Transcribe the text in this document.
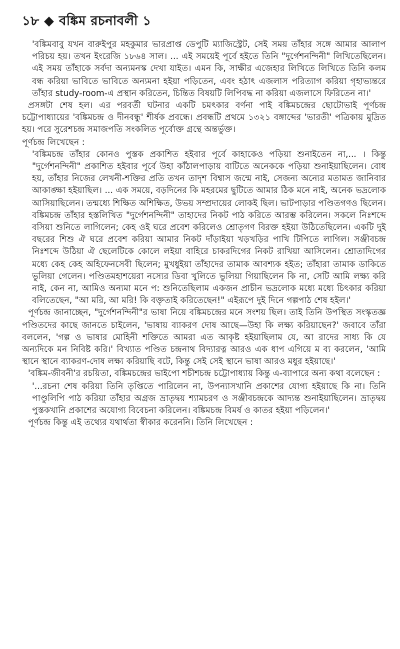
১৮ ◆ বঙ্কিম রচনাবলী ১

'বঙ্কিমবাবু যখন বারুইপুর মহকুমার ভারপ্রাপ্ত ডেপুটি ম্যাজিস্ট্রেট, সেই সময় তাঁহার সঙ্গে আমার আলাপ পরিচয় হয়। তখন ইংরেজি ১৮৬৪ সাল। ... এই সময়েই পূর্বে হইতে তিনি "দুর্গেশনন্দিনী" লিখিতেছিলেন। এই সময় তাঁহাকে সর্বদা অন্যমনস্ক দেখা যাইত। এমন কি, সাক্ষীর এজেহার লিখিতে লিখিতে তিনি কলম বন্ধ করিয়া ভাবিতে ভাবিতে অন্যমনা হইয়া পড়িতেন, এবং হঠাৎ এজলাস পরিত্যাগ করিয়া গৃহাভ্যন্তরে তাঁহার study-room-এ প্রস্থান করিতেন, চিন্তিত বিষয়টি লিপিবদ্ধ না করিয়া এজলাসে ফিরিতেন না।'

প্রসঙ্গটা শেষ হল। এর পরবর্তী ঘটনার একটি চমৎকার বর্ণনা পাই বঙ্কিমচন্দ্রের ছোটোভাই পূর্ণচন্দ্র চট্টোপাধ্যায়ের 'বঙ্কিমচন্দ্র ও দীনবন্ধু' শীর্ষক প্রবন্ধে। প্রবন্ধটি প্রথমে ১৩২১ বঙ্গাব্দের 'ভারতী' পত্রিকায় মুদ্রিত হয়। পরে সুরেশচন্দ্র সমাজপতি সংকলিত পূর্বোক্ত গ্রন্থে অন্তর্ভুক্ত।

পূর্ণচন্দ্র লিখেছেন :

'বঙ্কিমচন্দ্র তাঁহার কোনও পুস্তক প্রকাশিত হইবার পূর্বে কাহাকেও পড়িয়া শুনাইতেন না,... । কিন্তু "দুর্গেশনন্দিনী" প্রকাশিত হইবার পূর্বে উহা কাঁঠালপাড়ায় বাটিতে অনেককে পড়িয়া শুনাইয়াছিলেন। বোধ হয়, তাঁহার নিজের লেখনী-শক্তির প্রতি তখন তাদৃশ বিশ্বাস জন্মে নাই, সেজন্য অন্যের মতামত জানিবার আকাঙ্ক্ষা হইয়াছিল। ... এক সময়ে, বড়দিনের কি মহরমের ছুটিতে আমার ঠিক মনে নাই, অনেক ভদ্রলোক আসিয়াছিলেন। তন্মধ্যে শিক্ষিত অশিক্ষিত, উভয় সম্প্রদায়ের লোকই ছিল। ভাটপাড়ার পণ্ডিতগণও ছিলেন। বঙ্কিমচন্দ্র তাঁহার হস্তলিখিত "দুর্গেশনন্দিনী" তাহাদের নিকট পাঠ করিতে আরম্ভ করিলেন। সকলে নিঃশব্দে বসিয়া শুনিতে লাগিলেন; কেহ ওই ঘরে প্রবেশ করিলেও শ্রোতৃগণ বিরক্ত হইয়া উঠিতেছিলেন। একটি দুই বছরের শিশু ঐ ঘরে প্রবেশ করিয়া আমার নিকট দাঁড়াইয়া খড়খড়ির পাখি টিপিতে লাগিল। সঞ্জীবচন্দ্র নিঃশব্দে উঠিয়া ঐ ছেলেটিকে কোলে লইয়া বাহিরে চাকরদিগের নিকট রাখিয়া আসিলেন। শ্রোতাদিগের মধ্যে কেহ কেহ অহিফেনসেবী ছিলেন; মুখধুইয়া তাঁহাদের তামাক আবশ্যক হইত; তাঁহারা তামাক ডাকিতে ভুলিয়া গেলেন। পণ্ডিতমহাশয়েরা নস্যের ডিবা খুলিতে ভুলিয়া গিয়াছিলেন কি না, সেটি আমি লক্ষ্য করি নাই, কেন না, আমিও অন্যমা মনে প: শুনিতেছিলাম একজন প্রাচীন ভদ্রলোক মধ্যে মধ্যে চিৎকার করিয়া বলিতেছেন, "আ মরি, আ মরি! কি বক্তৃতাই করিতেছেন!" এইরূপে দুই দিনে গল্পপাঠ শেষ হইল।'

পূর্ণচন্দ্র জানাচ্ছেন, "দুর্গেশনন্দিনী"র ভাষা নিয়ে বঙ্কিমচন্দ্রের মনে সংশয় ছিল। তাই তিনি উপস্থিত সংস্কৃতজ্ঞ পণ্ডিতদের কাছে জানতে চাইলেন, 'ভাষায় ব্যাকরণ দোষ আছে—উহা কি লক্ষ্য করিয়াছেন?' জবাবে তাঁরা বললেন, 'গল্প ও ভাষার মোহিনী শক্তিতে আমরা এত আকৃষ্ট হইয়াছিলাম যে, আ রাদের সাধ্য কি যে অন্যদিকে মন নিবিষ্ট করি।' বিখ্যাত পণ্ডিত চন্দ্রনাথ বিদ্যারত্ন আরও এক ধাপ এগিয়ে ম ব্য করলেন, 'আমি স্থানে স্থানে ব্যাকরণ-দোষ লক্ষ্য করিয়াছি বটে, কিন্তু সেই সেই স্থানে ভাষা আরও মধুর হইয়াছে।'

'বঙ্কিম-জীবনী'র রচয়িতা, বঙ্কিমচন্দ্রের ভাইপো শচীশচন্দ্র চট্টোপাধ্যায় কিন্তু এ-ব্যাপারে অন্য কথা বলেছেন :

'...রচনা শেষ করিয়া তিনি তৃপ্তিতে পারিলেন না, উপন্যাসখানি প্রকাশের যোগ্য হইয়াছে কি না। তিনি পাণ্ডুলিপি পাঠ করিয়া তাঁহার অগ্রজ ভ্রাতৃদ্বয় শ্যামচরণ ও সঞ্জীবচন্দ্রকে আদ্যন্ত শুনাইয়াছিলেন। ভ্রাতৃদ্বয় পুস্তকখানি প্রকাশের অযোগ্য বিবেচনা করিলেন। বঙ্কিমচন্দ্র বিমর্ষ ও কাতর হইয়া পড়িলেন।'

পূর্ণচন্দ্র কিন্তু এই তথ্যের যথার্থতা স্বীকার করেননি। তিনি লিখেছেন :
